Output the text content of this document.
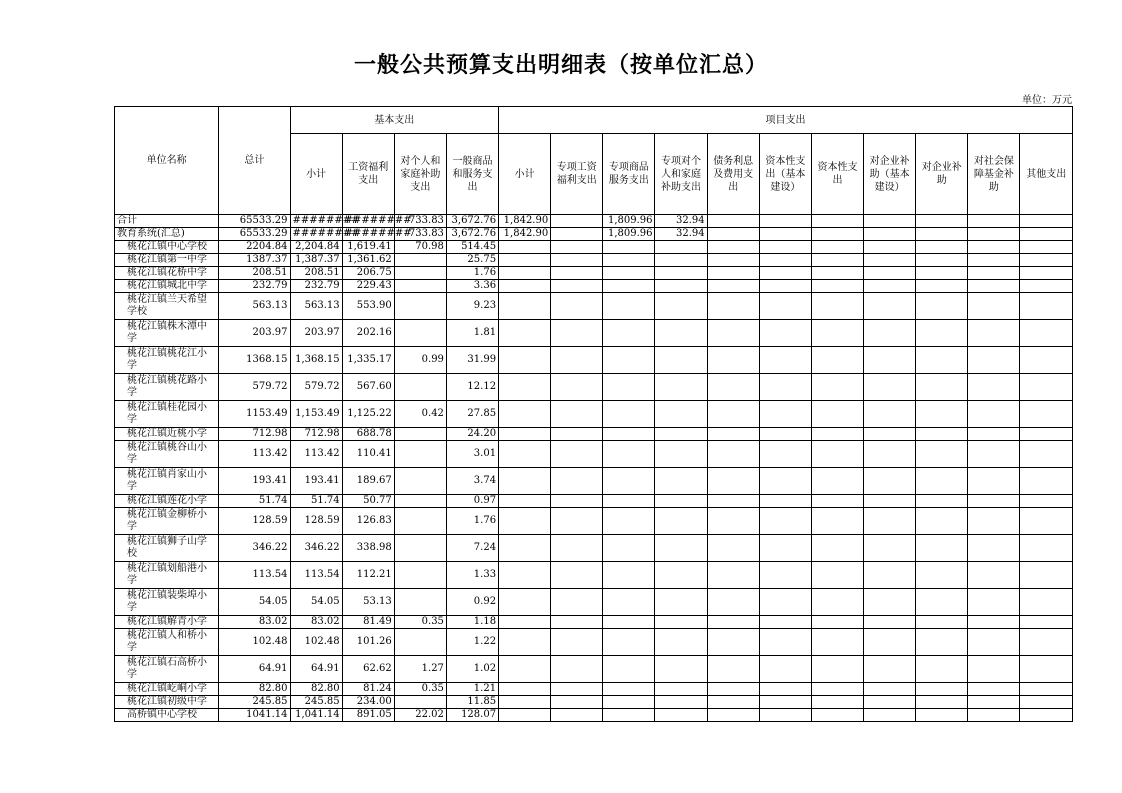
一般公共预算支出明细表（按单位汇总）
单位：万元
单位名称	总计	基本支出				项目支出										
		小计	工资福利支出	对个人和家庭补助支出	一般商品和服务支出	小计	专项工资福利支出	专项商品服务支出	专项对个人和家庭补助支出	债务利息及费用支出	资本性支出（基本建设）	资本性支出	对企业补助（基本建设）	对企业补助	对社会保障基金补助	其他支出
合计	65533.29	########	########	733.83	3,672.76	1,842.90		1,809.96	32.94							
教育系统(汇总)	65533.29	########	########	733.83	3,672.76	1,842.90		1,809.96	32.94							
桃花江镇中心学校	2204.84	2,204.84	1,619.41	70.98	514.45											
桃花江镇第一中学	1387.37	1,387.37	1,361.62		25.75											
桃花江镇花桥中学	208.51	208.51	206.75		1.76											
桃花江镇城北中学	232.79	232.79	229.43		3.36											
桃花江镇兰天希望学校	563.13	563.13	553.90		9.23											
桃花江镇株木潭中学	203.97	203.97	202.16		1.81											
桃花江镇桃花江小学	1368.15	1,368.15	1,335.17	0.99	31.99											
桃花江镇桃花路小学	579.72	579.72	567.60		12.12											
桃花江镇桂花园小学	1153.49	1,153.49	1,125.22	0.42	27.85											
桃花江镇近桃小学	712.98	712.98	688.78		24.20											
桃花江镇桃谷山小学	113.42	113.42	110.41		3.01											
桃花江镇肖家山小学	193.41	193.41	189.67		3.74											
桃花江镇莲花小学	51.74	51.74	50.77		0.97											
桃花江镇金柳桥小学	128.59	128.59	126.83		1.76											
桃花江镇狮子山学校	346.22	346.22	338.98		7.24											
桃花江镇划船港小学	113.54	113.54	112.21		1.33											
桃花江镇装柴埠小学	54.05	54.05	53.13		0.92											
桃花江镇解青小学	83.02	83.02	81.49	0.35	1.18											
桃花江镇人和桥小学	102.48	102.48	101.26		1.22											
桃花江镇石高桥小学	64.91	64.91	62.62	1.27	1.02											
桃花江镇屹峒小学	82.80	82.80	81.24	0.35	1.21											
桃花江镇初级中学	245.85	245.85	234.00		11.85											
高桥镇中心学校	1041.14	1,041.14	891.05	22.02	128.07											
